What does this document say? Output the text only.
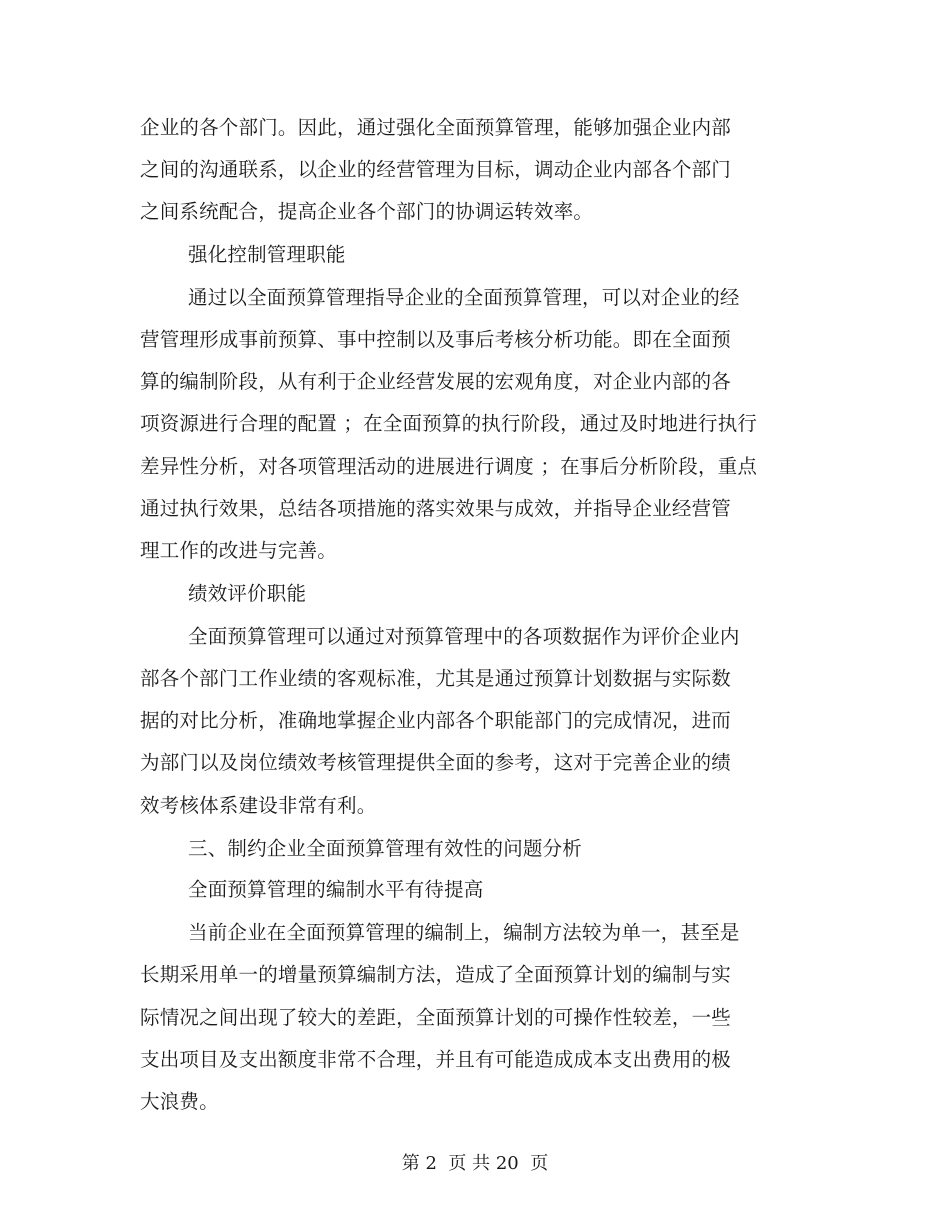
企业的各个部门。因此，通过强化全面预算管理，能够加强企业内部
之间的沟通联系，以企业的经营管理为目标，调动企业内部各个部门
之间系统配合，提高企业各个部门的协调运转效率。
强化控制管理职能
通过以全面预算管理指导企业的全面预算管理，可以对企业的经
营管理形成事前预算、事中控制以及事后考核分析功能。即在全面预
算的编制阶段，从有利于企业经营发展的宏观角度，对企业内部的各
项资源进行合理的配置 ；在全面预算的执行阶段，通过及时地进行执行
差异性分析，对各项管理活动的进展进行调度 ；在事后分析阶段，重点
通过执行效果，总结各项措施的落实效果与成效，并指导企业经营管
理工作的改进与完善。
绩效评价职能
全面预算管理可以通过对预算管理中的各项数据作为评价企业内
部各个部门工作业绩的客观标准，尤其是通过预算计划数据与实际数
据的对比分析，准确地掌握企业内部各个职能部门的完成情况，进而
为部门以及岗位绩效考核管理提供全面的参考，这对于完善企业的绩
效考核体系建设非常有利。
三、制约企业全面预算管理有效性的问题分析
全面预算管理的编制水平有待提高
当前企业在全面预算管理的编制上，编制方法较为单一，甚至是
长期采用单一的增量预算编制方法，造成了全面预算计划的编制与实
际情况之间出现了较大的差距，全面预算计划的可操作性较差，一些
支出项目及支出额度非常不合理，并且有可能造成成本支出费用的极
大浪费。
第 2  页 共 20  页
